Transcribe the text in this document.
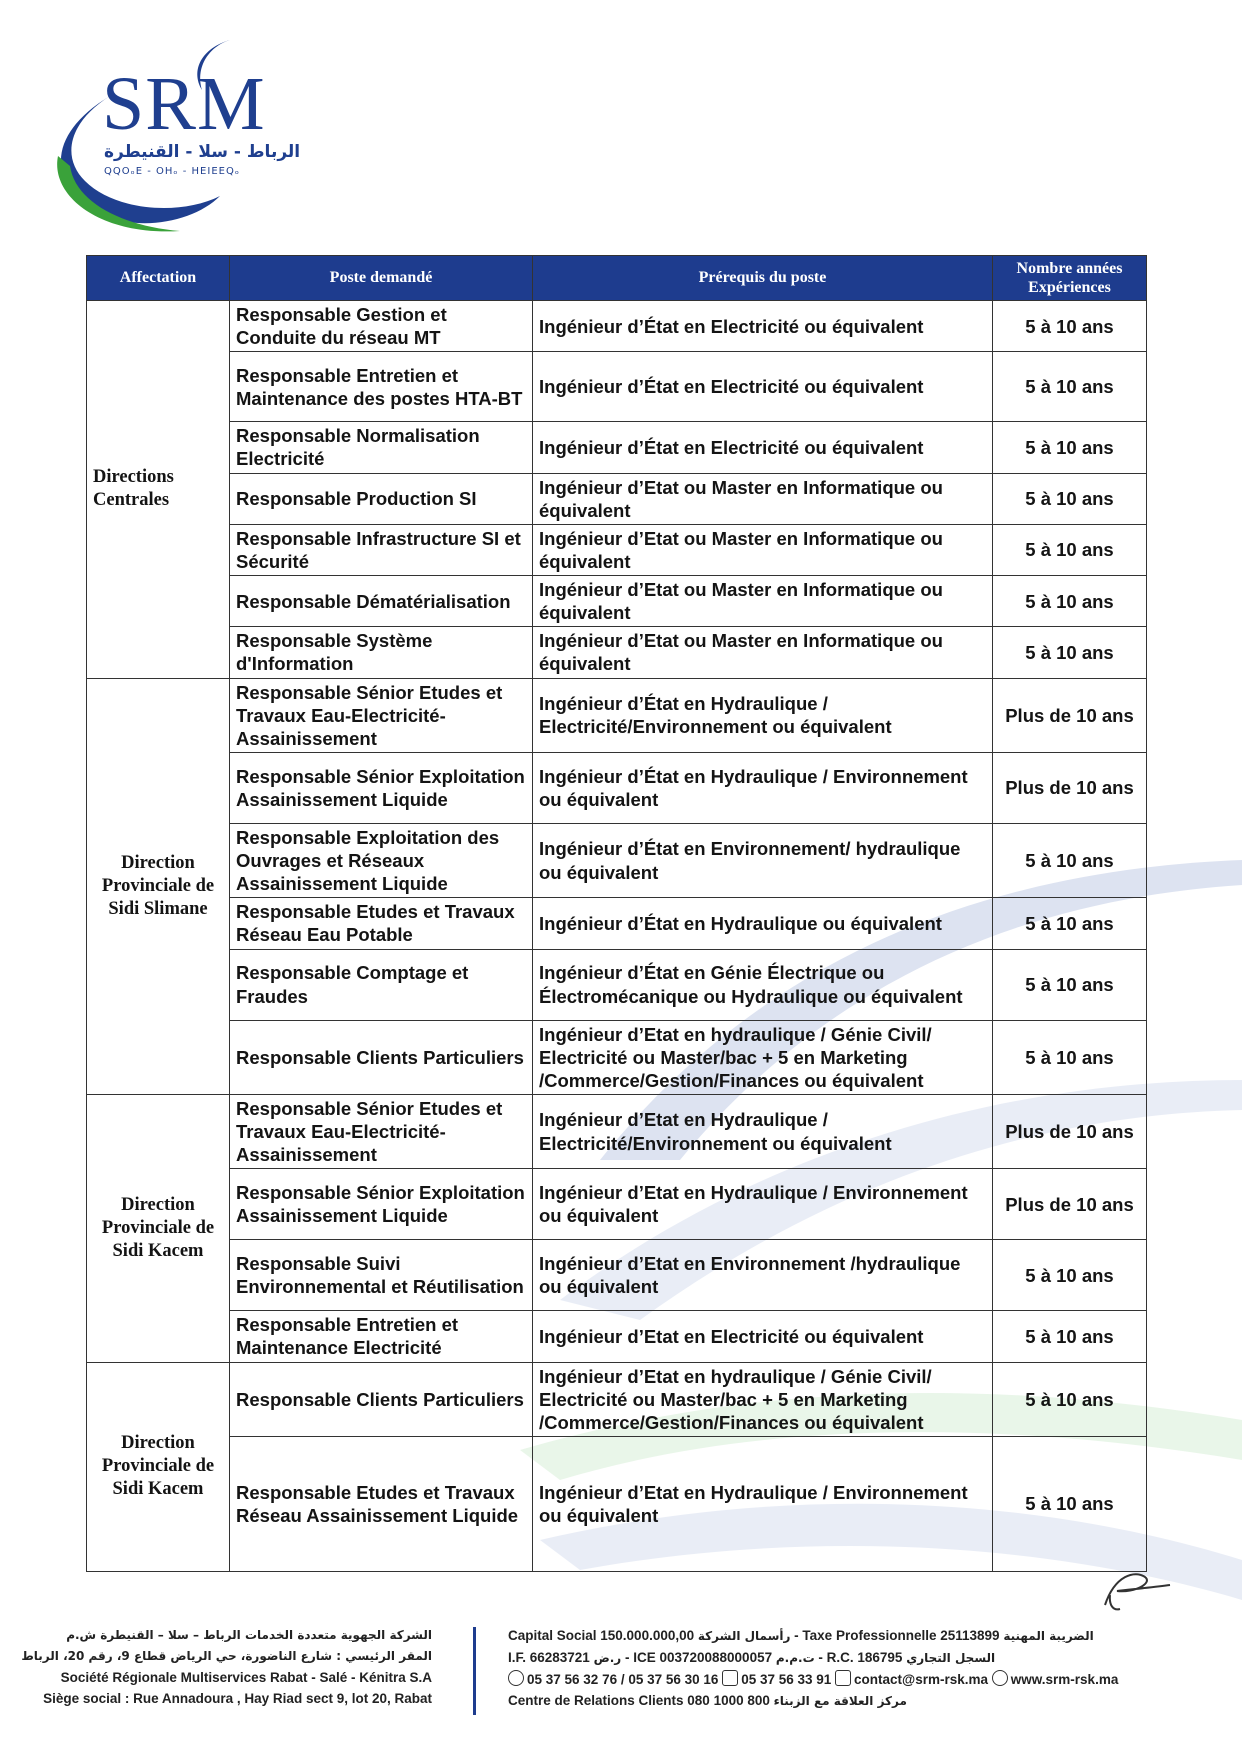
SRM
الرباط - سلا - القنيطرة
QQOₒE - OHₒ - HEIEEQₒ
Affectation	Poste demandé	Prérequis du poste	Nombre années Expériences
Directions Centrales	Responsable Gestion et Conduite du réseau MT	Ingénieur d’État en Electricité ou équivalent	5 à 10 ans
	Responsable Entretien et Maintenance des postes HTA-BT	Ingénieur d’État en Electricité ou équivalent	5 à 10 ans
	Responsable Normalisation Electricité	Ingénieur d’État en Electricité ou équivalent	5 à 10 ans
	Responsable Production SI	Ingénieur d’Etat ou Master en Informatique ou équivalent	5 à 10 ans
	Responsable Infrastructure SI et Sécurité	Ingénieur d’Etat ou Master en Informatique ou équivalent	5 à 10 ans
	Responsable Dématérialisation	Ingénieur d’Etat ou Master en Informatique ou équivalent	5 à 10 ans
	Responsable Système d'Information	Ingénieur d’Etat ou Master en Informatique ou équivalent	5 à 10 ans
Direction Provinciale de Sidi Slimane	Responsable Sénior Etudes et Travaux Eau-Electricité-Assainissement	Ingénieur d’État en Hydraulique / Electricité/Environnement ou équivalent	Plus de 10 ans
	Responsable Sénior Exploitation Assainissement Liquide	Ingénieur d’État en Hydraulique / Environnement ou équivalent	Plus de 10 ans
	Responsable Exploitation des Ouvrages et Réseaux Assainissement Liquide	Ingénieur d’État en Environnement/ hydraulique ou équivalent	5 à 10 ans
	Responsable Etudes et Travaux Réseau Eau Potable	Ingénieur d’État en Hydraulique ou équivalent	5 à 10 ans
	Responsable Comptage et Fraudes	Ingénieur d’État en Génie Électrique ou Électromécanique ou Hydraulique ou équivalent	5 à 10 ans
	Responsable Clients Particuliers	Ingénieur d’Etat en hydraulique / Génie Civil/ Electricité ou Master/bac + 5 en Marketing /Commerce/Gestion/Finances ou équivalent	5 à 10 ans
Direction Provinciale de Sidi Kacem	Responsable Sénior Etudes et Travaux Eau-Electricité-Assainissement	Ingénieur d’Etat en Hydraulique / Electricité/Environnement ou équivalent	Plus de 10 ans
	Responsable Sénior Exploitation Assainissement Liquide	Ingénieur d’Etat en Hydraulique / Environnement ou équivalent	Plus de 10 ans
	Responsable Suivi Environnemental et Réutilisation	Ingénieur d’Etat en Environnement /hydraulique ou équivalent	5 à 10 ans
	Responsable Entretien et Maintenance Electricité	Ingénieur d’Etat en Electricité ou équivalent	5 à 10 ans
Direction Provinciale de Sidi Kacem	Responsable Clients Particuliers	Ingénieur d’Etat en hydraulique / Génie Civil/ Electricité ou Master/bac + 5 en Marketing /Commerce/Gestion/Finances ou équivalent	5 à 10 ans
	Responsable Etudes et Travaux Réseau Assainissement Liquide	Ingénieur d’Etat en Hydraulique / Environnement ou équivalent	5 à 10 ans
الشركة الجهوية متعددة الخدمات الرباط – سلا – القنيطرة ش.م
المقر الرئيسي : شارع الناضورة، حي الرياض قطاع 9، رقم 20، الرباط
Société Régionale Multiservices Rabat - Salé - Kénitra S.A
Siège social : Rue Annadoura , Hay Riad sect 9, lot 20, Rabat
Capital Social 150.000.000,00 رأسمال الشركة - Taxe Professionnelle 25113899 الضريبة المهنية
I.F. 66283721 ر.ض - ICE 003720088000057 ت.م.م - R.C. 186795 السجل التجاري
05 37 56 32 76 / 05 37 56 30 16 05 37 56 33 91 contact@srm-rsk.ma www.srm-rsk.ma
Centre de Relations Clients 080 1000 800 مركز العلاقة مع الزبناء
